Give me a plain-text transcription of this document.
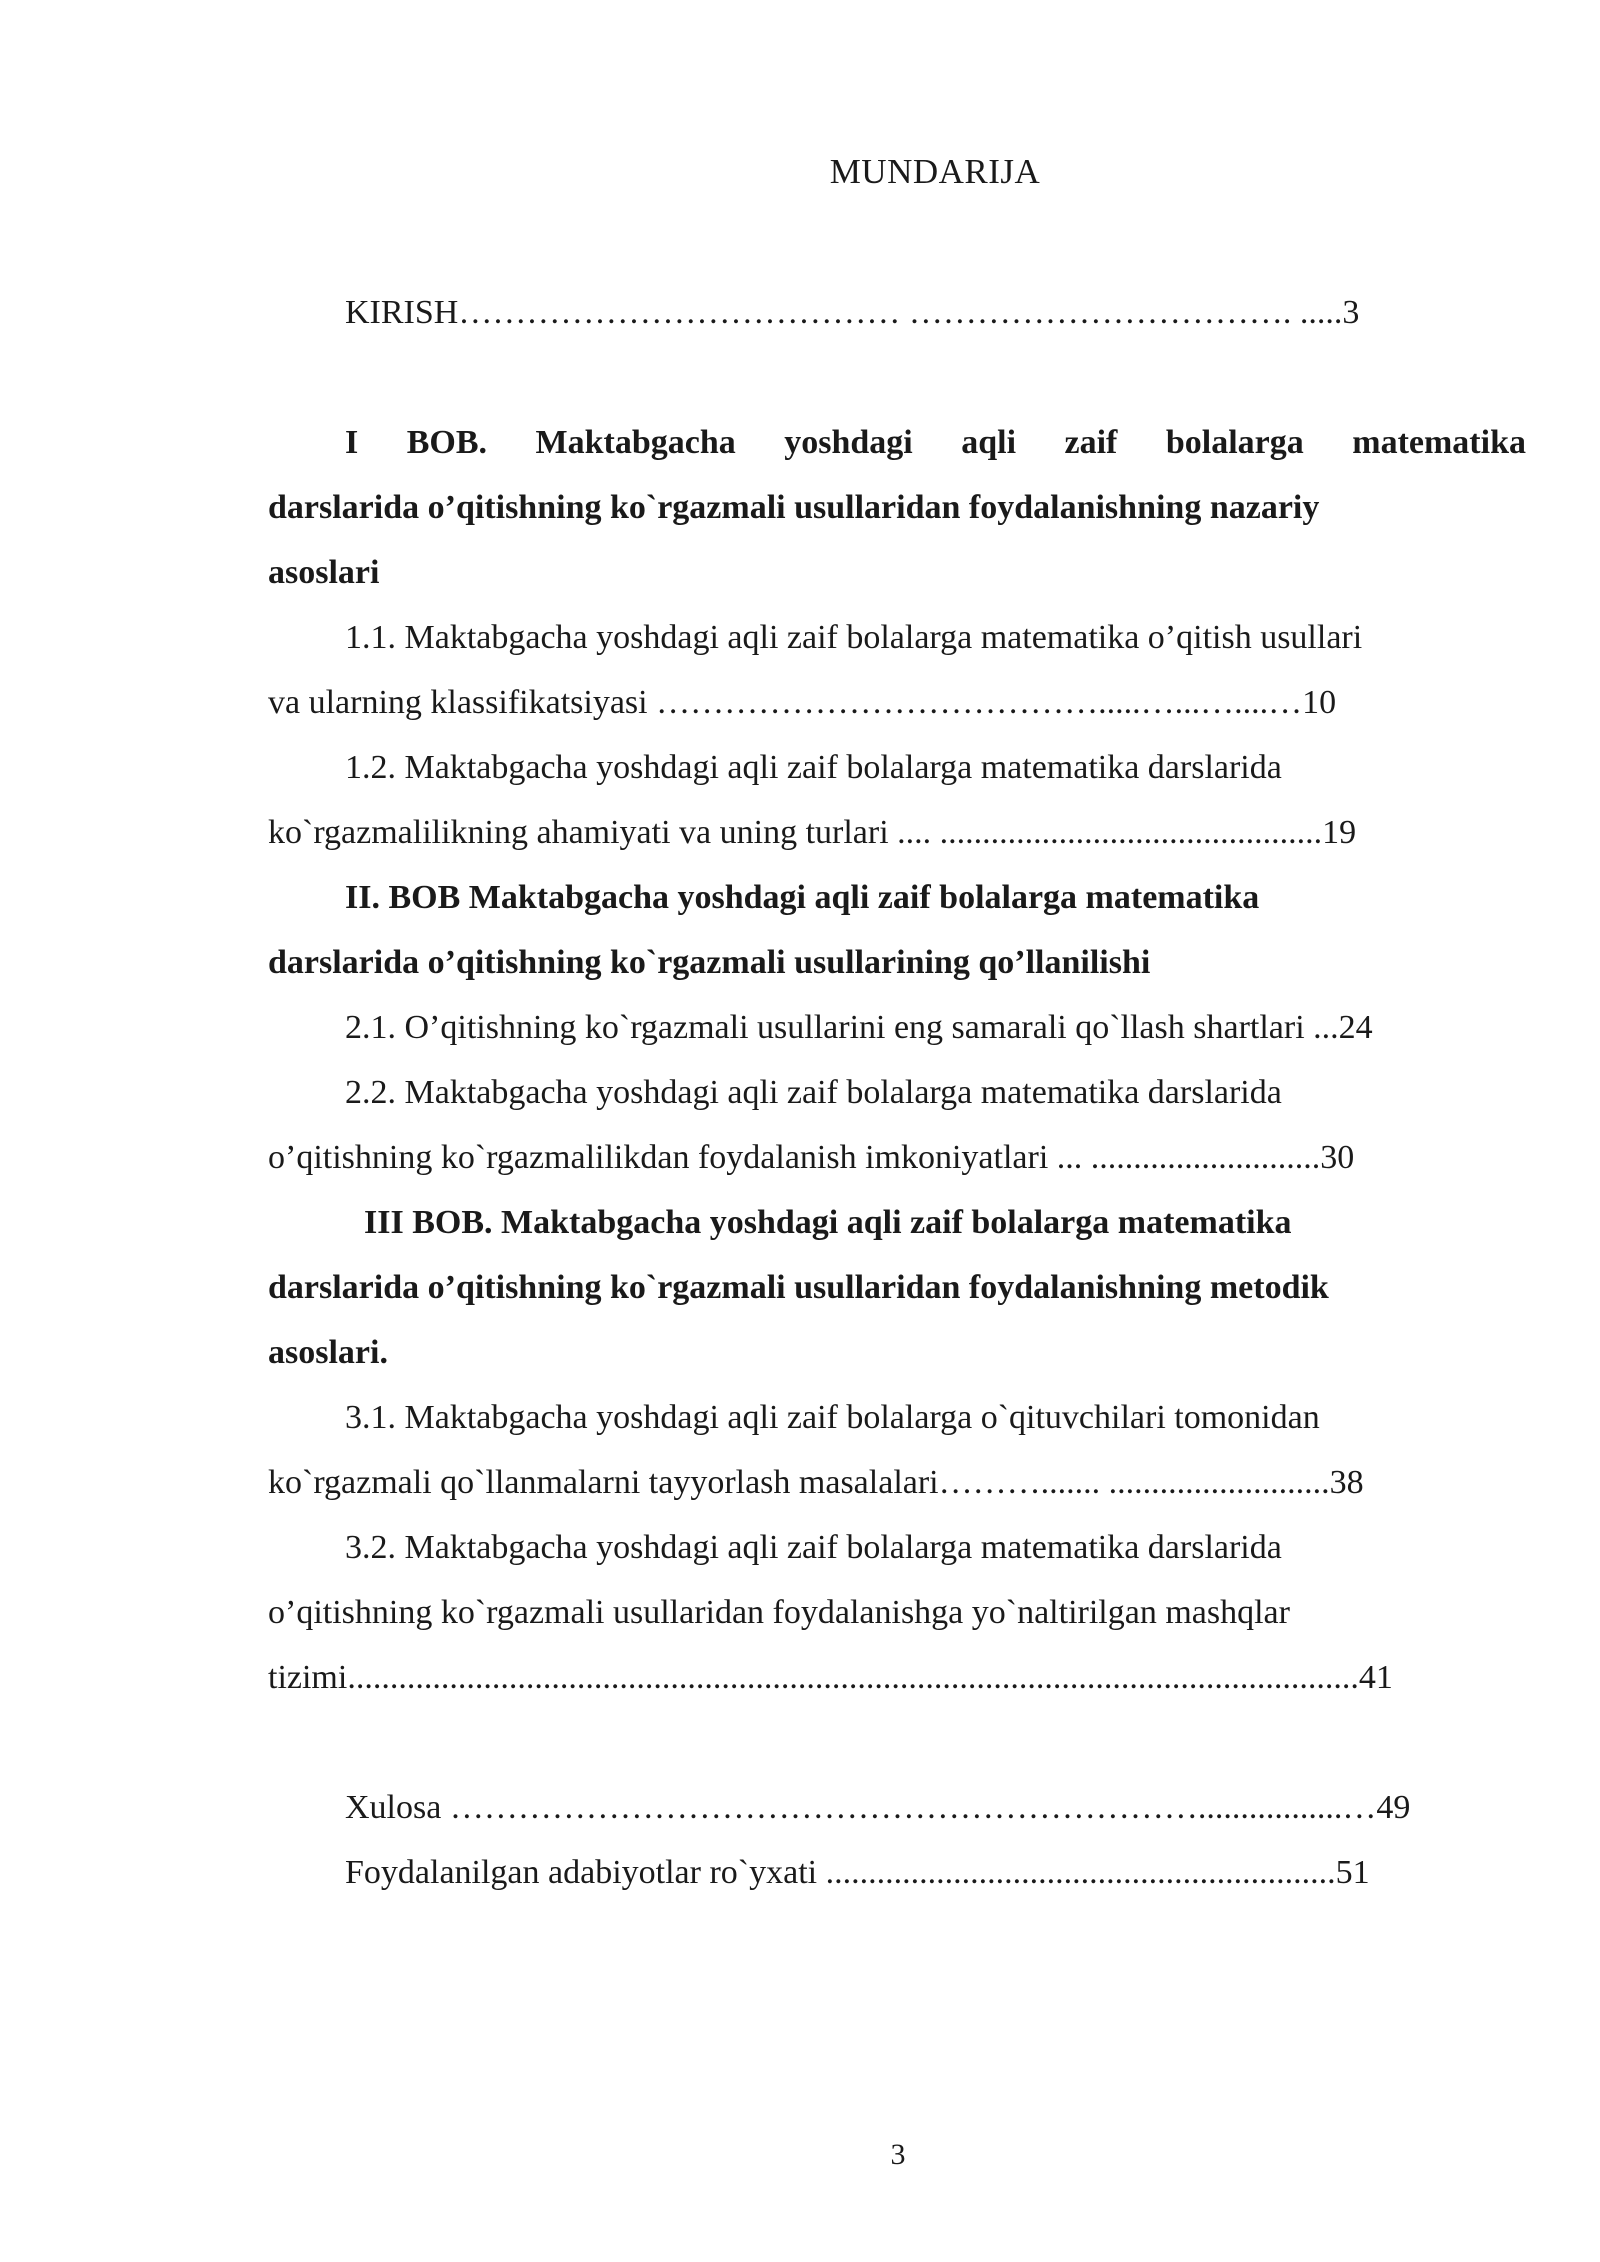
MUNDARIJA
KIRISH………………………………… ……………………………. .....3
I BOB. Maktabgacha yoshdagi aqli zaif bolalarga matematika
darslarida o’qitishning ko`rgazmali usullaridan foydalanishning nazariy
asoslari
1.1. Maktabgacha yoshdagi aqli zaif bolalarga matematika o’qitish usullari
va ularning klassifikatsiyasi ………………………………….....…...…....…10
1.2. Maktabgacha yoshdagi aqli zaif bolalarga matematika darslarida
ko`rgazmalilikning ahamiyati va uning turlari .... .............................................19
II. BOB Maktabgacha yoshdagi aqli zaif bolalarga matematika
darslarida o’qitishning ko`rgazmali usullarining qo’llanilishi
2.1. O’qitishning ko`rgazmali usullarini eng samarali qo`llash shartlari ...24
2.2. Maktabgacha yoshdagi aqli zaif bolalarga matematika darslarida
o’qitishning ko`rgazmalilikdan foydalanish imkoniyatlari ... ...........................30
III BOB. Maktabgacha yoshdagi aqli zaif bolalarga matematika
darslarida o’qitishning ko`rgazmali usullaridan foydalanishning metodik
asoslari.
3.1. Maktabgacha yoshdagi aqli zaif bolalarga o`qituvchilari tomonidan
ko`rgazmali qo`llanmalarni tayyorlash masalalari………....... ..........................38
3.2. Maktabgacha yoshdagi aqli zaif bolalarga matematika darslarida
o’qitishning ko`rgazmali usullaridan foydalanishga yo`naltirilgan mashqlar
tizimi.......................................................................................................................41
Xulosa ………………………………………………………….................…49
Foydalanilgan adabiyotlar ro`yxati ............................................................51
3
